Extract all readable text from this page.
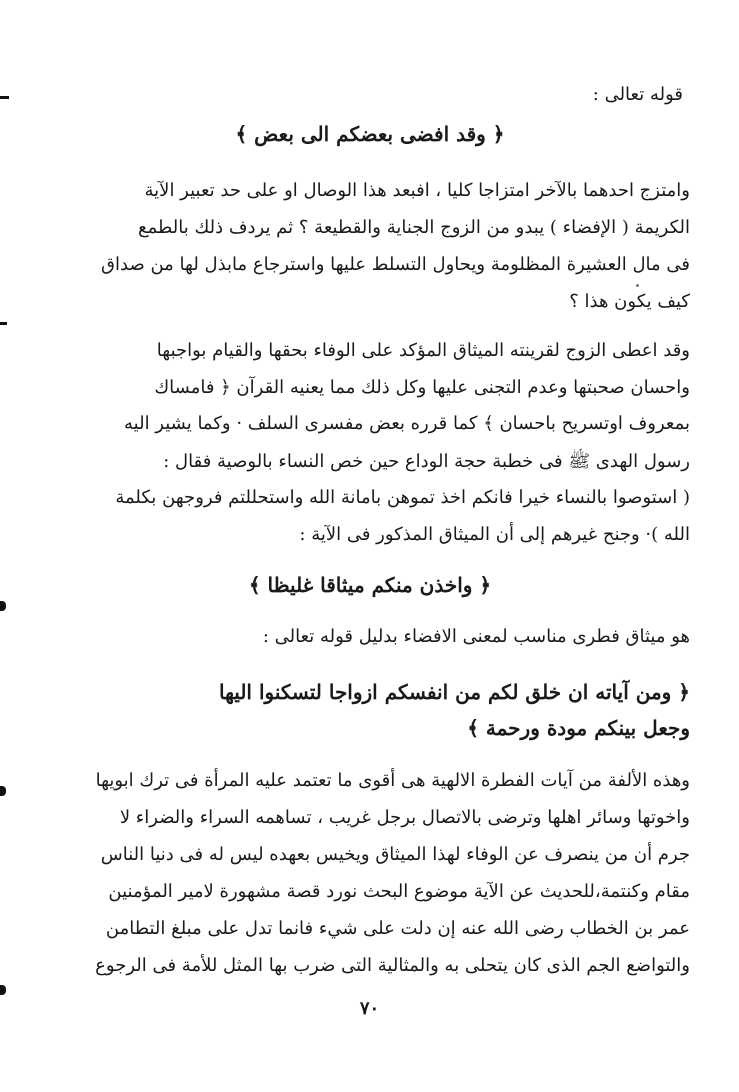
قوله تعالى :
﴿ وقد افضى بعضكم الى بعض ﴾
وامتزج احدهما بالآخر امتزاجا كليا ، افبعد هذا الوصال او على حد تعبير الآية
الكريمة ( الإفضاء ) يبدو من الزوج الجناية والقطيعة ؟ ثم يردف ذلك بالطمع
فى مال العشيرة المظلومة ويحاول التسلط عليها واسترجاع مابذل لها من صداق
كيف يكون هذا ؟
وقد اعطى الزوج لقرينته الميثاق المؤكد على الوفاء بحقها والقيام بواجبها
واحسان صحبتها وعدم التجنى عليها وكل ذلك مما يعنيه القرآن ﴿ فامساك
بمعروف اوتسريح باحسان ﴾ كما قرره بعض مفسرى السلف · وكما يشير اليه
رسول الهدى ﷺ فى خطبة حجة الوداع حين خص النساء بالوصية فقال :
( استوصوا بالنساء خيرا فانكم اخذ تموهن بامانة الله واستحللتم فروجهن بكلمة
الله )· وجنح غيرهم إلى أن الميثاق المذكور فى الآية :
﴿ واخذن منكم ميثاقا غليظا ﴾
هو ميثاق فطرى مناسب لمعنى الافضاء بدليل قوله تعالى :
﴿ ومن آياته ان خلق لكم من انفسكم ازواجا لتسكنوا اليها
وجعل بينكم مودة ورحمة ﴾
وهذه الألفة من آيات الفطرة الالهية هى أقوى ما تعتمد عليه المرأة فى ترك ابويها
واخوتها وسائر اهلها وترضى بالاتصال برجل غريب ، تساهمه السراء والضراء لا
جرم أن من ينصرف عن الوفاء لهذا الميثاق ويخيس بعهده ليس له فى دنيا الناس
مقام وكنتمة،للحديث عن الآية موضوع البحث نورد قصة مشهورة لامير المؤمنين
عمر بن الخطاب رضى الله عنه إن دلت على شيء فانما تدل على مبلغ التطامن
والتواضع الجم الذى كان يتحلى به والمثالية التى ضرب بها المثل للأمة فى الرجوع
٧٠
